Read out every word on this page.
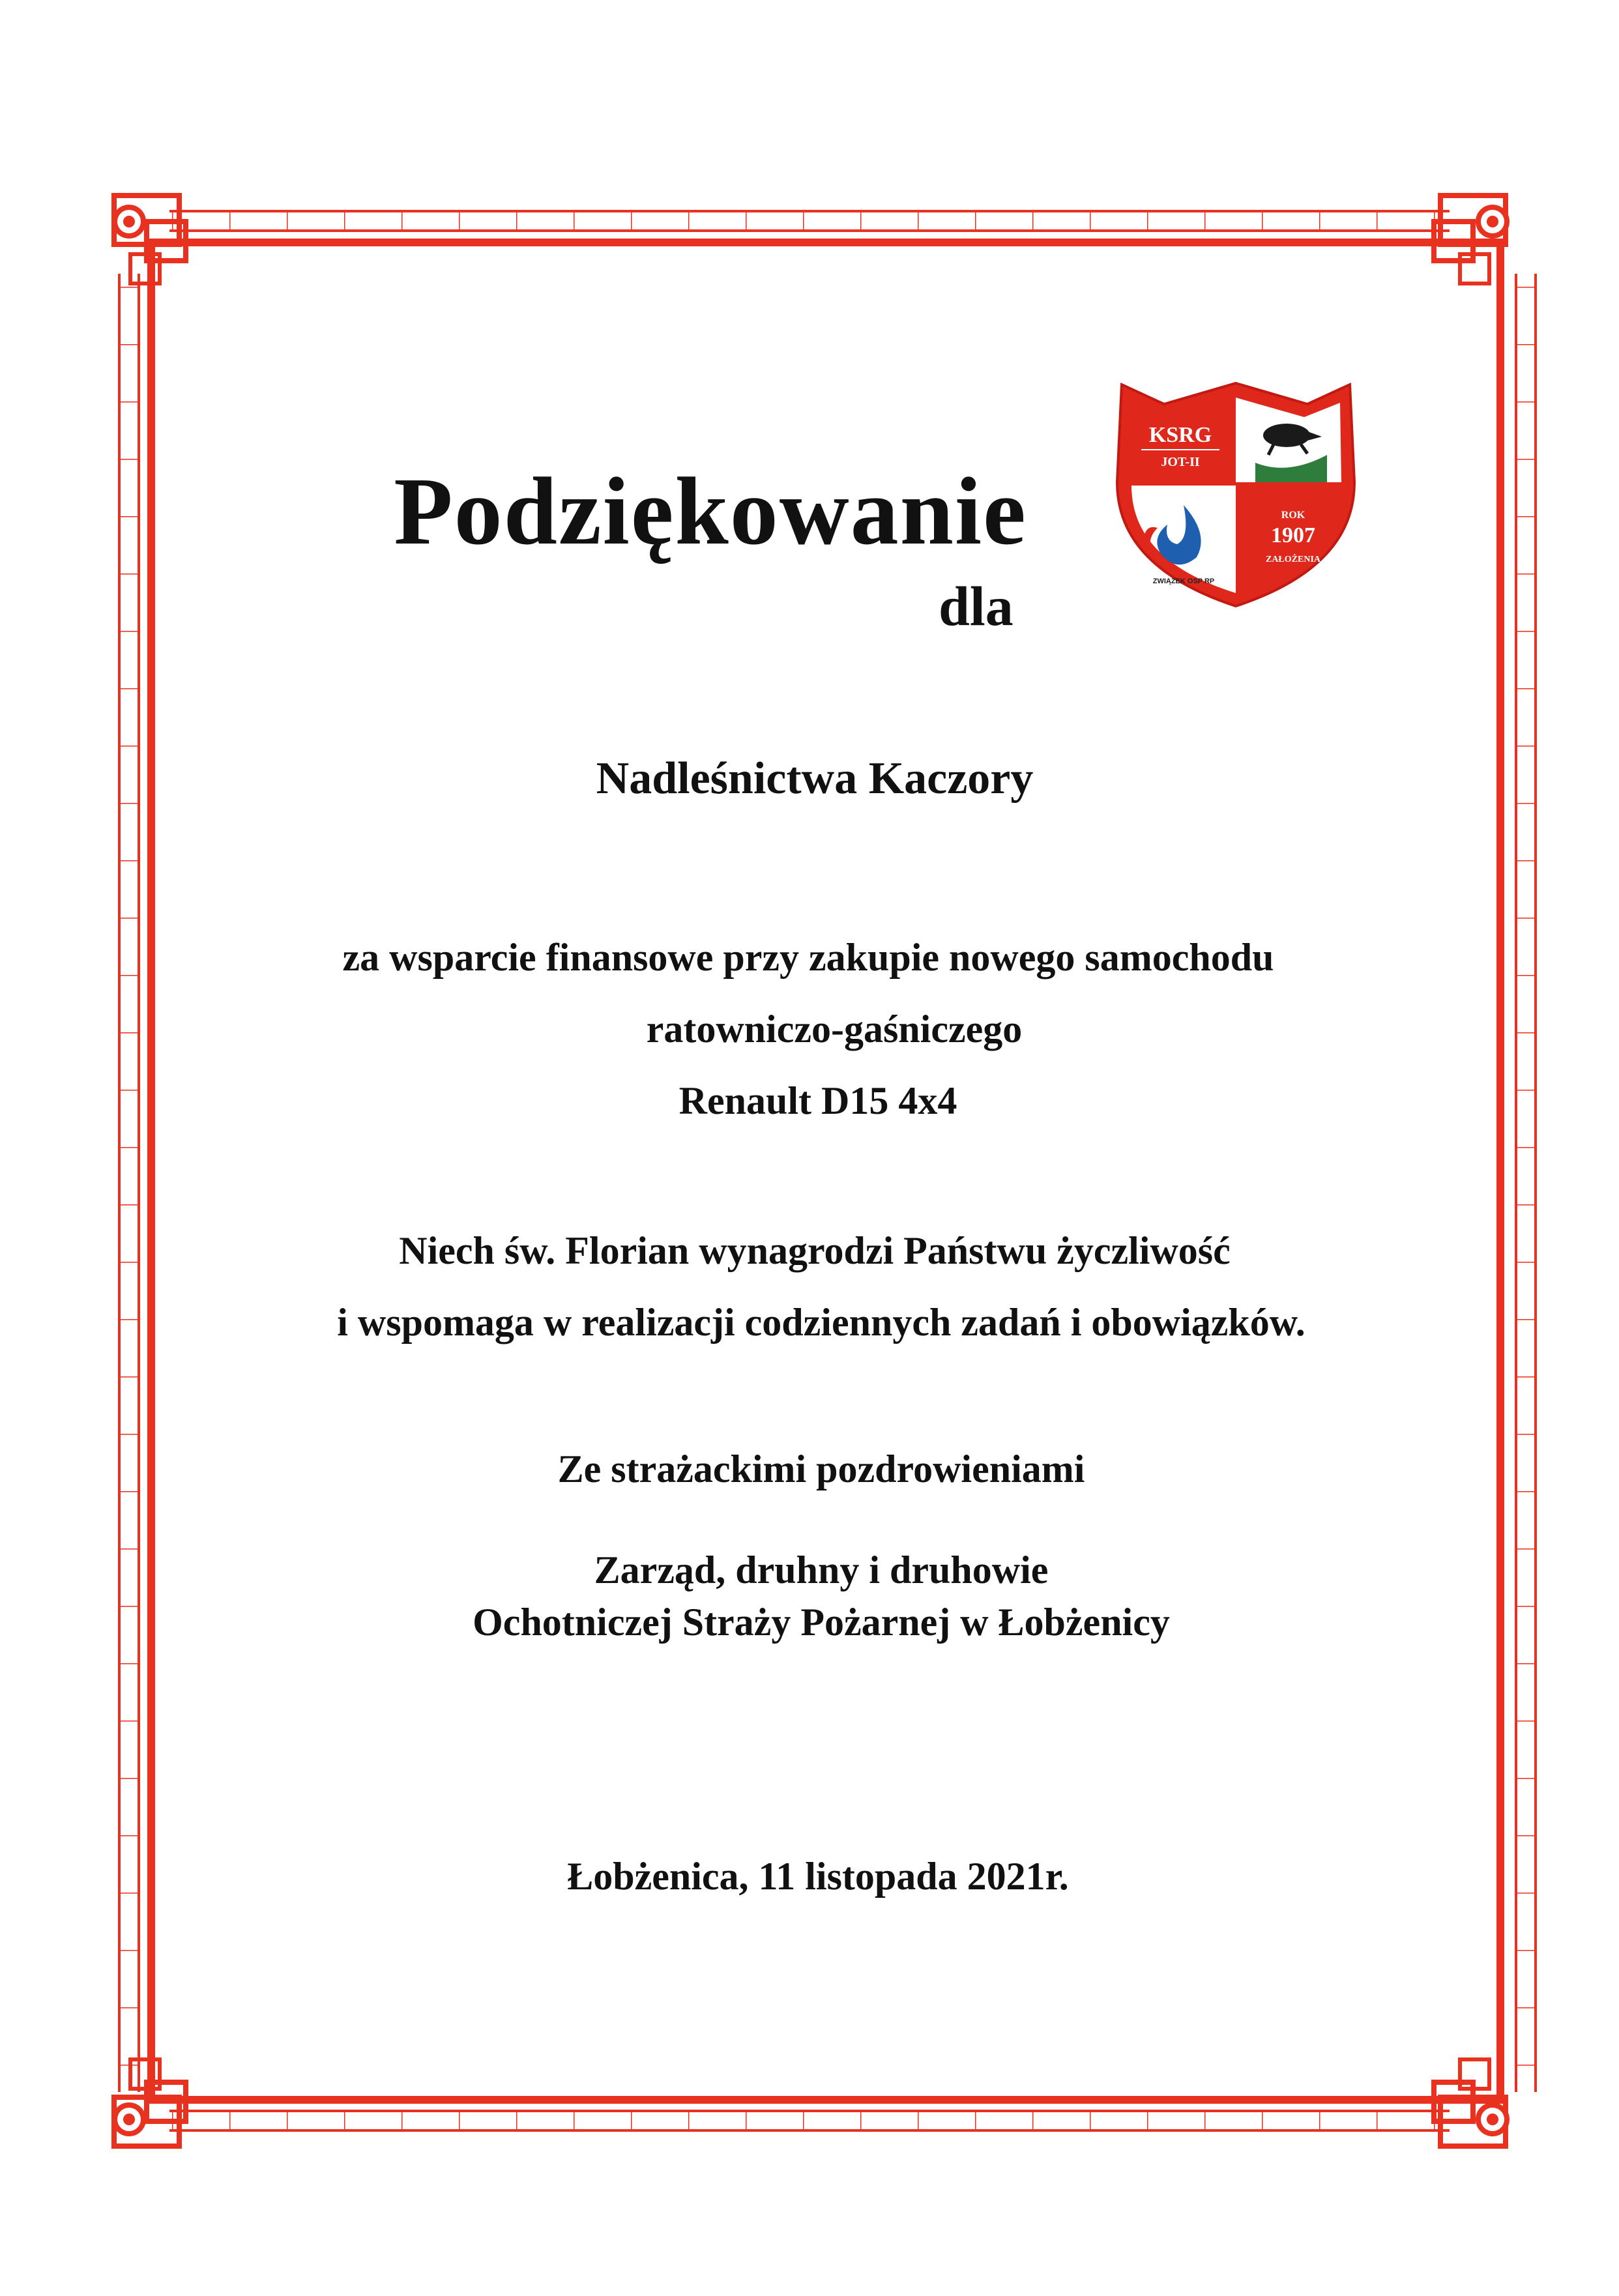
KSRG
JOT-II
ZWIĄZEK OSP RP
ROK
1907
ZAŁOŻENIA
Podziękowanie
dla
Nadleśnictwa Kaczory
za wsparcie finansowe przy zakupie nowego samochodu
ratowniczo-gaśniczego
Renault D15 4x4
Niech św. Florian wynagrodzi Państwu życzliwość
i wspomaga w realizacji codziennych zadań i obowiązków.
Ze strażackimi pozdrowieniami
Zarząd, druhny i druhowie
Ochotniczej Straży Pożarnej w Łobżenicy
Łobżenica, 11 listopada 2021r.
